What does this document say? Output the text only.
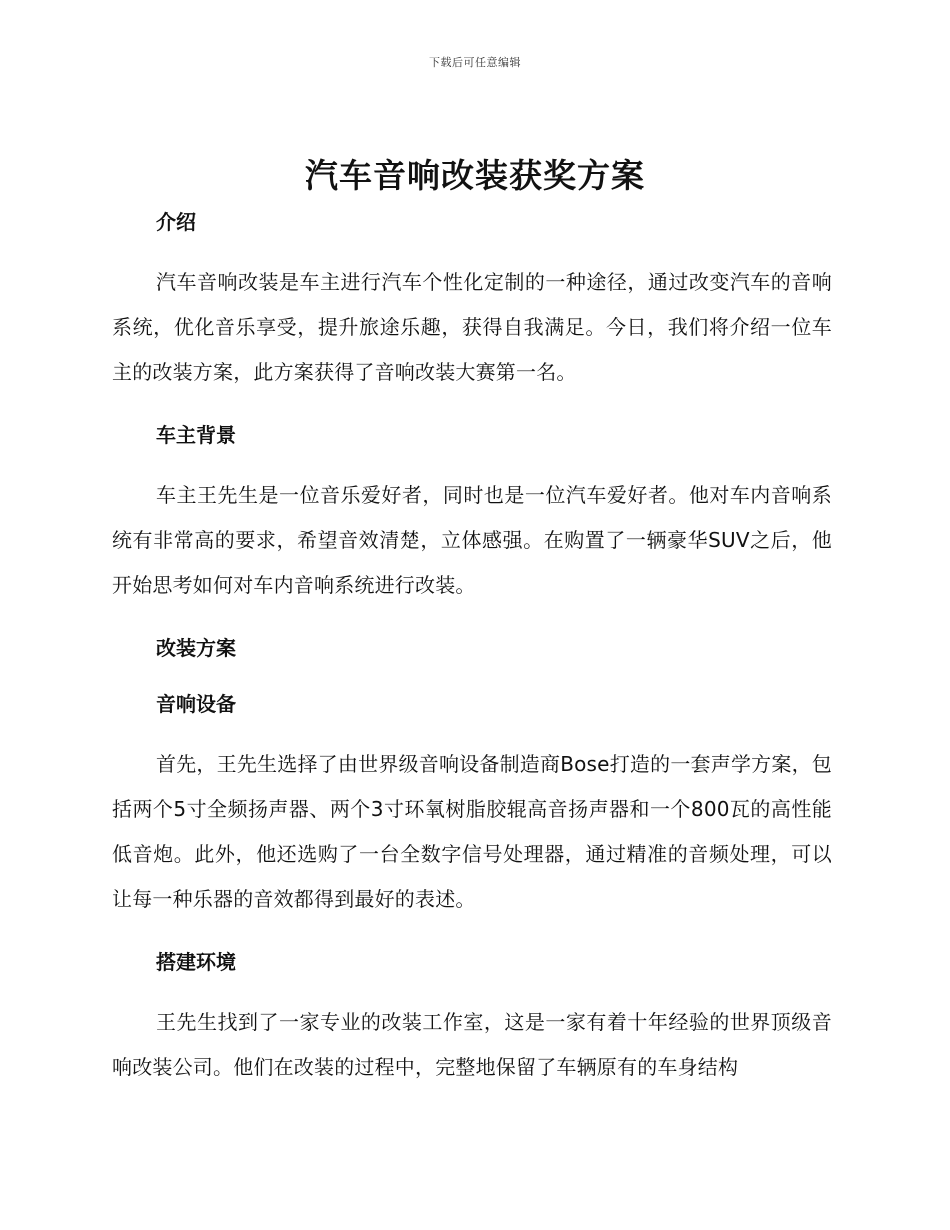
下载后可任意编辑
汽车音响改装获奖方案
介绍

汽车音响改装是车主进行汽车个性化定制的一种途径，通过改变汽车的音响系统，优化音乐享受，提升旅途乐趣，获得自我满足。今日，我们将介绍一位车主的改装方案，此方案获得了音响改装大赛第一名。

车主背景

车主王先生是一位音乐爱好者，同时也是一位汽车爱好者。他对车内音响系统有非常高的要求，希望音效清楚，立体感强。在购置了一辆豪华SUV之后，他开始思考如何对车内音响系统进行改装。

改装方案
音响设备

首先，王先生选择了由世界级音响设备制造商Bose打造的一套声学方案，包括两个5寸全频扬声器、两个3寸环氧树脂胶辊高音扬声器和一个800瓦的高性能低音炮。此外，他还选购了一台全数字信号处理器，通过精准的音频处理，可以让每一种乐器的音效都得到最好的表述。

搭建环境

王先生找到了一家专业的改装工作室，这是一家有着十年经验的世界顶级音响改装公司。他们在改装的过程中，完整地保留了车辆原有的车身结构
